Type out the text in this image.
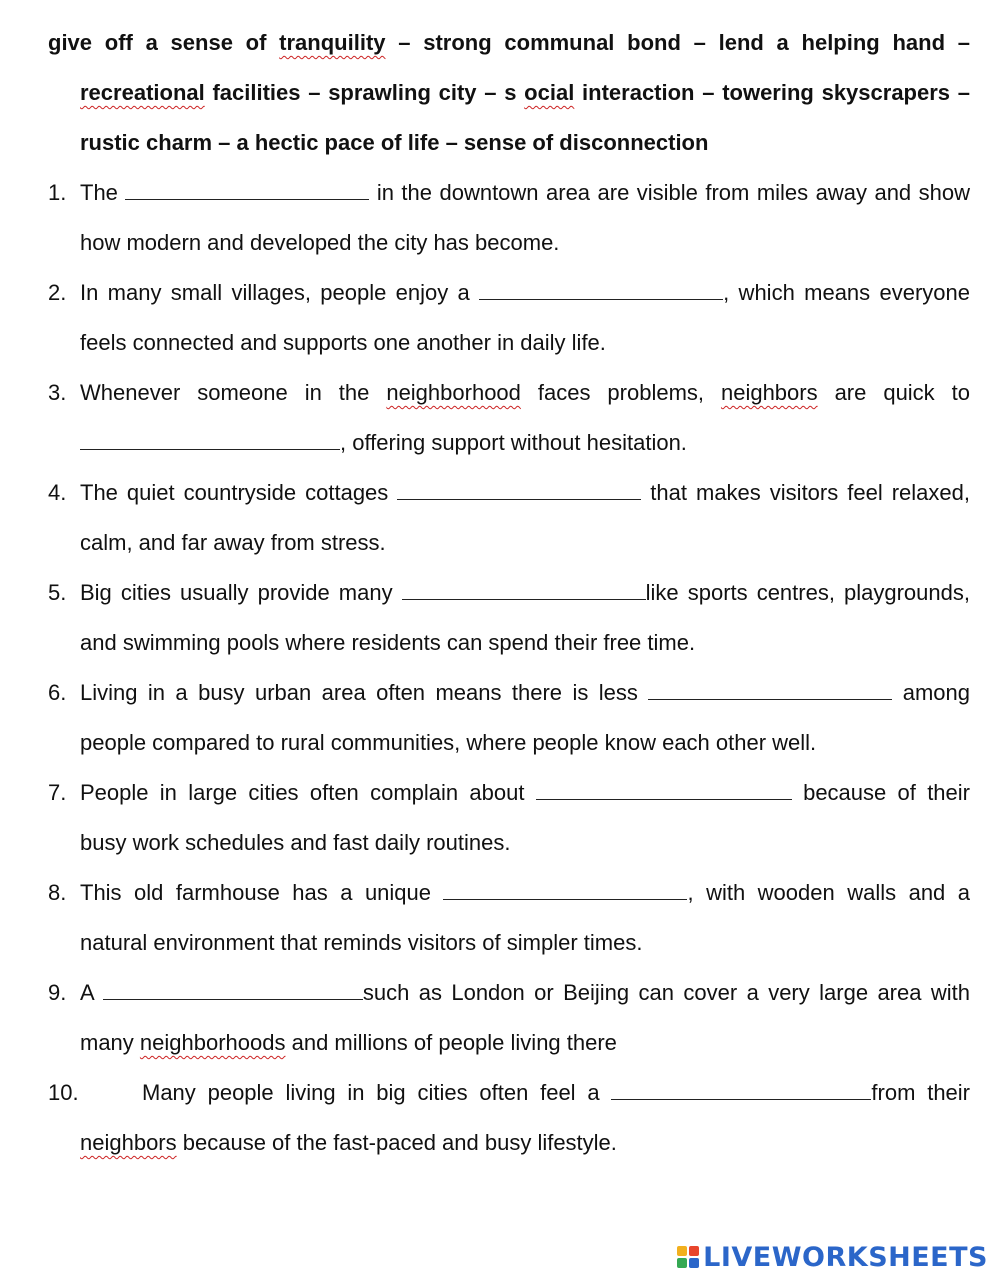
give off a sense of tranquility – strong communal bond – lend a helping hand – recreational facilities – sprawling city – s ocial interaction – towering skyscrapers – rustic charm – a hectic pace of life – sense of disconnection

1. The	in the downtown area are visible from miles away and show how modern and developed the city has become.
2. In many small villages, people enjoy a	, which means everyone feels connected and supports one another in daily life.
3. Whenever someone in the neighborhood faces problems, neighbors are quick to , offering support without hesitation.
4. The quiet countryside cottages	that makes visitors feel relaxed, calm, and far away from stress.
5. Big cities usually provide many	like sports centres, playgrounds, and swimming pools where residents can spend their free time.
6. Living in a busy urban area often means there is less	among people compared to rural communities, where people know each other well.
7. People in large cities often complain about	because of their busy work schedules and fast daily routines.
8. This old farmhouse has a unique	, with wooden walls and a natural environment that reminds visitors of simpler times.
9. A	such as London or Beijing can cover a very large area with many neighborhoods and millions of people living there
10.	Many people living in big cities often feel a	from their neighbors because of the fast-paced and busy lifestyle.
LIVEWORKSHEETS
